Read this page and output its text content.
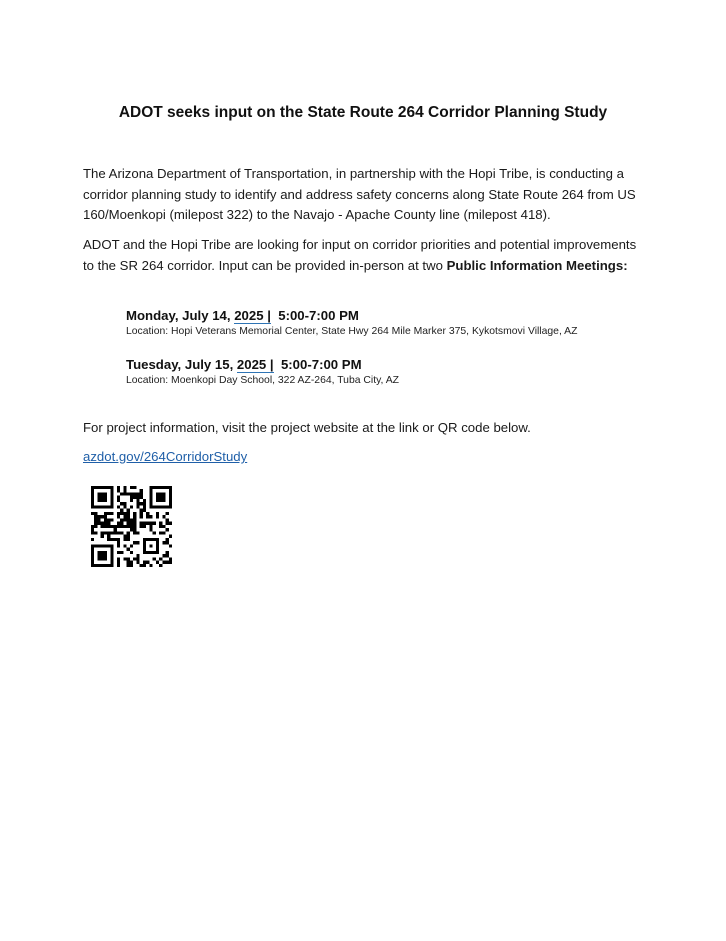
ADOT seeks input on the State Route 264 Corridor Planning Study
The Arizona Department of Transportation, in partnership with the Hopi Tribe, is conducting a corridor planning study to identify and address safety concerns along State Route 264 from US 160/Moenkopi (milepost 322) to the Navajo - Apache County line (milepost 418).
ADOT and the Hopi Tribe are looking for input on corridor priorities and potential improvements to the SR 264 corridor. Input can be provided in-person at two Public Information Meetings:
Monday, July 14, 2025 |  5:00-7:00 PM
Location: Hopi Veterans Memorial Center, State Hwy 264 Mile Marker 375, Kykotsmovi Village, AZ
Tuesday, July 15, 2025 |  5:00-7:00 PM
Location: Moenkopi Day School, 322 AZ-264, Tuba City, AZ
For project information, visit the project website at the link or QR code below.
azdot.gov/264CorridorStudy
